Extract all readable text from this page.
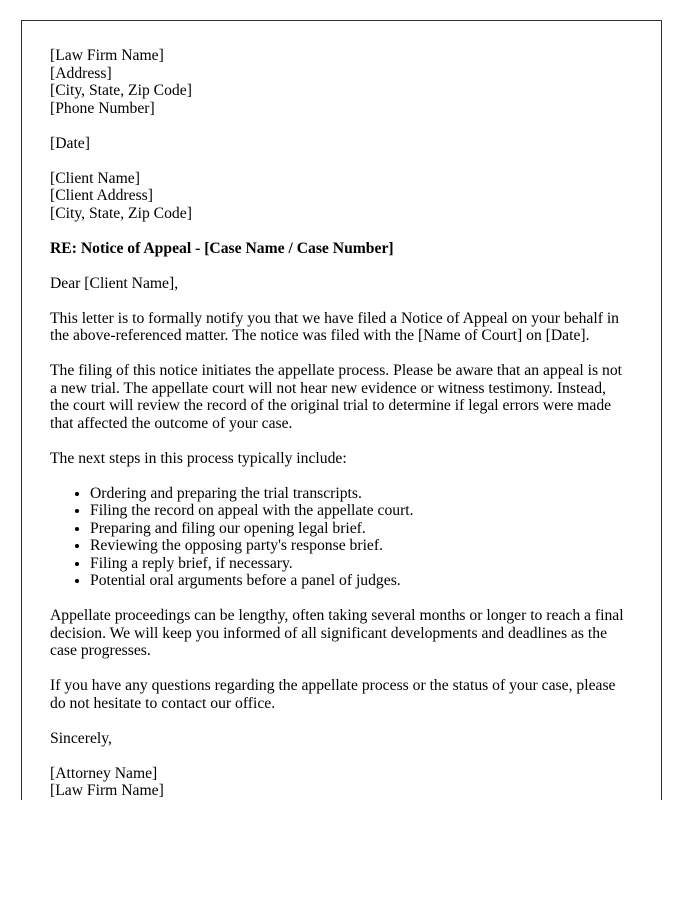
[Law Firm Name]
[Address]
[City, State, Zip Code]
[Phone Number]
[Date]
[Client Name]
[Client Address]
[City, State, Zip Code]
RE: Notice of Appeal - [Case Name / Case Number]
Dear [Client Name],
This letter is to formally notify you that we have filed a Notice of Appeal on your behalf in the above-referenced matter. The notice was filed with the [Name of Court] on [Date].
The filing of this notice initiates the appellate process. Please be aware that an appeal is not a new trial. The appellate court will not hear new evidence or witness testimony. Instead, the court will review the record of the original trial to determine if legal errors were made that affected the outcome of your case.
The next steps in this process typically include:
• Ordering and preparing the trial transcripts.
• Filing the record on appeal with the appellate court.
• Preparing and filing our opening legal brief.
• Reviewing the opposing party's response brief.
• Filing a reply brief, if necessary.
• Potential oral arguments before a panel of judges.
Appellate proceedings can be lengthy, often taking several months or longer to reach a final decision. We will keep you informed of all significant developments and deadlines as the case progresses.
If you have any questions regarding the appellate process or the status of your case, please do not hesitate to contact our office.
Sincerely,
[Attorney Name]
[Law Firm Name]
